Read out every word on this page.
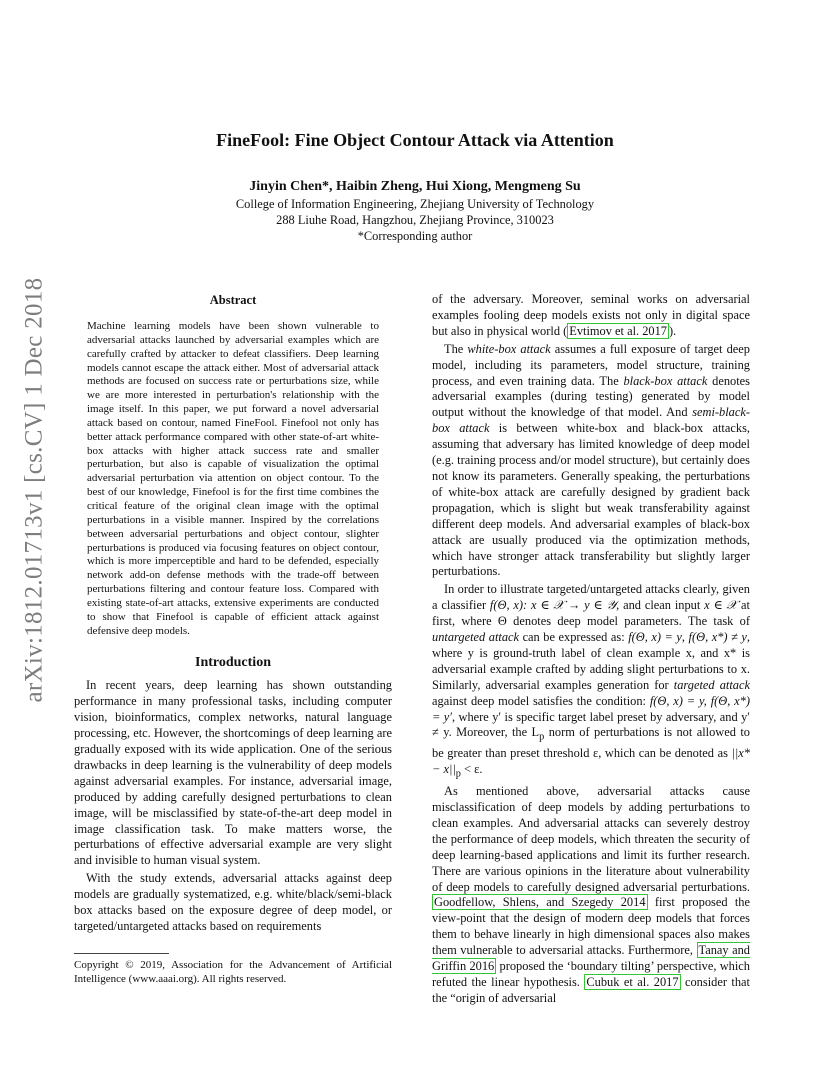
arXiv:1812.01713v1 [cs.CV] 1 Dec 2018
FineFool: Fine Object Contour Attack via Attention
Jinyin Chen*, Haibin Zheng, Hui Xiong, Mengmeng Su
College of Information Engineering, Zhejiang University of Technology
288 Liuhe Road, Hangzhou, Zhejiang Province, 310023
*Corresponding author
Abstract
Machine learning models have been shown vulnerable to adversarial attacks launched by adversarial examples which are carefully crafted by attacker to defeat classifiers. Deep learning models cannot escape the attack either. Most of adversarial attack methods are focused on success rate or perturbations size, while we are more interested in perturbation's relationship with the image itself. In this paper, we put forward a novel adversarial attack based on contour, named FineFool. Finefool not only has better attack performance compared with other state-of-art white-box attacks with higher attack success rate and smaller perturbation, but also is capable of visualization the optimal adversarial perturbation via attention on object contour. To the best of our knowledge, Finefool is for the first time combines the critical feature of the original clean image with the optimal perturbations in a visible manner. Inspired by the correlations between adversarial perturbations and object contour, slighter perturbations is produced via focusing features on object contour, which is more imperceptible and hard to be defended, especially network add-on defense methods with the trade-off between perturbations filtering and contour feature loss. Compared with existing state-of-art attacks, extensive experiments are conducted to show that Finefool is capable of efficient attack against defensive deep models.
Introduction

In recent years, deep learning has shown outstanding performance in many professional tasks, including computer vision, bioinformatics, complex networks, natural language processing, etc. However, the shortcomings of deep learning are gradually exposed with its wide application. One of the serious drawbacks in deep learning is the vulnerability of deep models against adversarial examples. For instance, adversarial image, produced by adding carefully designed perturbations to clean image, will be misclassified by state-of-the-art deep model in image classification task. To make matters worse, the perturbations of effective adversarial example are very slight and invisible to human visual system.

With the study extends, adversarial attacks against deep models are gradually systematized, e.g. white/black/semi-black box attacks based on the exposure degree of deep model, or targeted/untargeted attacks based on requirements

Copyright © 2019, Association for the Advancement of Artificial Intelligence (www.aaai.org). All rights reserved.

of the adversary. Moreover, seminal works on adversarial examples fooling deep models exists not only in digital space but also in physical world ( Evtimov et al. 2017 ).

The white-box attack assumes a full exposure of target deep model, including its parameters, model structure, training process, and even training data. The black-box attack denotes adversarial examples (during testing) generated by model output without the knowledge of that model. And semi-black-box attack is between white-box and black-box attacks, assuming that adversary has limited knowledge of deep model (e.g. training process and/or model structure), but certainly does not know its parameters. Generally speaking, the perturbations of white-box attack are carefully designed by gradient back propagation, which is slight but weak transferability against different deep models. And adversarial examples of black-box attack are usually produced via the optimization methods, which have stronger attack transferability but slightly larger perturbations.

In order to illustrate targeted/untargeted attacks clearly, given a classifier f(Θ, x): x ∈ 𝒳 → y ∈ 𝒴, and clean input x ∈ 𝒳 at first, where Θ denotes deep model parameters. The task of untargeted attack can be expressed as: f(Θ, x) = y, f(Θ, x*) ≠ y, where y is ground-truth label of clean example x, and x* is adversarial example crafted by adding slight perturbations to x. Similarly, adversarial examples generation for targeted attack against deep model satisfies the condition: f(Θ, x) = y, f(Θ, x*) = y′, where y′ is specific target label preset by adversary, and y′ ≠ y. Moreover, the $L_p$ norm of perturbations is not allowed to be greater than preset threshold ε, which can be denoted as $||x* - x||_p < \varepsilon$.

As mentioned above, adversarial attacks cause misclassification of deep models by adding perturbations to clean examples. And adversarial attacks can severely destroy the performance of deep models, which threaten the security of deep learning-based applications and limit its further research. There are various opinions in the literature about vulnerability of deep models to carefully designed adversarial perturbations. Goodfellow, Shlens, and Szegedy 2014 first proposed the view-point that the design of modern deep models that forces them to behave linearly in high dimensional spaces also makes them vulnerable to adversarial attacks. Furthermore, Tanay and Griffin 2016 proposed the ‘boundary tilting’ perspective, which refuted the linear hypothesis. Cubuk et al. 2017 consider that the “origin of adversarial
